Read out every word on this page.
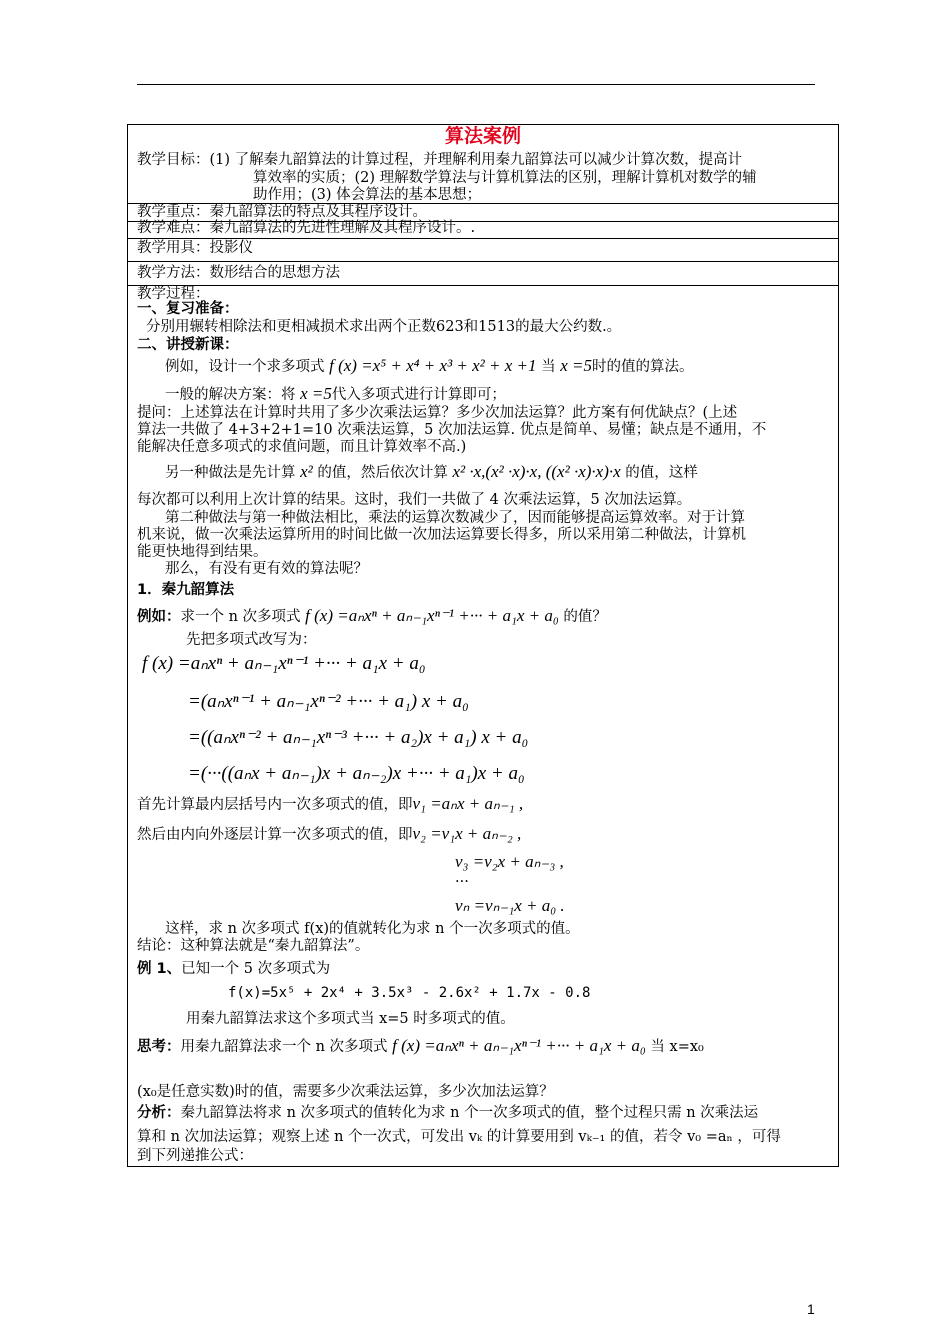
算法案例
教学目标：(1) 了解秦九韶算法的计算过程，并理解利用秦九韶算法可以减少计算次数，提高计
算效率的实质；(2) 理解数学算法与计算机算法的区别，理解计算机对数学的辅
助作用；(3) 体会算法的基本思想；
教学重点：秦九韶算法的特点及其程序设计。
教学难点：秦九韶算法的先进性理解及其程序设计。.
教学用具：投影仪
教学方法：数形结合的思想方法
教学过程：
一、复习准备：
分别用辗转相除法和更相减损术求出两个正数623和1513的最大公约数.。
二、讲授新课：
例如，设计一个求多项式 f (x) =x⁵ + x⁴ + x³ + x² + x +1 当 x =5时的值的算法。
一般的解决方案：将 x =5代入多项式进行计算即可；
提问：上述算法在计算时共用了多少次乘法运算？多少次加法运算？此方案有何优缺点？(上述
算法一共做了 4+3+2+1=10 次乘法运算，5 次加法运算. 优点是简单、易懂；缺点是不通用，不
能解决任意多项式的求值问题，而且计算效率不高.)
另一种做法是先计算 x² 的值，然后依次计算 x² ·x,(x² ·x)·x, ((x² ·x)·x)·x 的值，这样
每次都可以利用上次计算的结果。这时，我们一共做了 4 次乘法运算，5 次加法运算。
第二种做法与第一种做法相比，乘法的运算次数减少了，因而能够提高运算效率。对于计算
机来说，做一次乘法运算所用的时间比做一次加法运算要长得多，所以采用第二种做法，计算机
能更快地得到结果。
那么，有没有更有效的算法呢？
1．秦九韶算法
例如：求一个 n 次多项式 f (x) =aₙxⁿ + aₙ₋₁xⁿ⁻¹ +··· + a₁x + a₀ 的值？
先把多项式改写为：
f (x) =aₙxⁿ + aₙ₋₁xⁿ⁻¹ +··· + a₁x + a₀
=(aₙxⁿ⁻¹ + aₙ₋₁xⁿ⁻² +··· + a₁) x + a₀
=((aₙxⁿ⁻² + aₙ₋₁xⁿ⁻³ +··· + a₂)x + a₁) x + a₀
=(···((aₙx + aₙ₋₁)x + aₙ₋₂)x +··· + a₁)x + a₀
首先计算最内层括号内一次多项式的值，即v₁ =aₙx + aₙ₋₁ ,
然后由内向外逐层计算一次多项式的值，即v₂ =v₁x + aₙ₋₂ ,
v₃ =v₂x + aₙ₋₃ ,
···
vₙ =vₙ₋₁x + a₀ .
这样，求 n 次多项式 f(x)的值就转化为求 n 个一次多项式的值。
结论：这种算法就是“秦九韶算法”。
例 1、已知一个 5 次多项式为
f(x)=5x⁵ + 2x⁴ + 3.5x³ - 2.6x² + 1.7x - 0.8
用秦九韶算法求这个多项式当 x=5 时多项式的值。
思考：用秦九韶算法求一个 n 次多项式 f (x) =aₙxⁿ + aₙ₋₁xⁿ⁻¹ +··· + a₁x + a₀ 当 x=x₀
(x₀是任意实数)时的值，需要多少次乘法运算，多少次加法运算？
分析：秦九韶算法将求 n 次多项式的值转化为求 n 个一次多项式的值，整个过程只需 n 次乘法运
算和 n 次加法运算；观察上述 n 个一次式，可发出 vₖ 的计算要用到 vₖ₋₁ 的值，若令 v₀ =aₙ ，可得
到下列递推公式：
1
